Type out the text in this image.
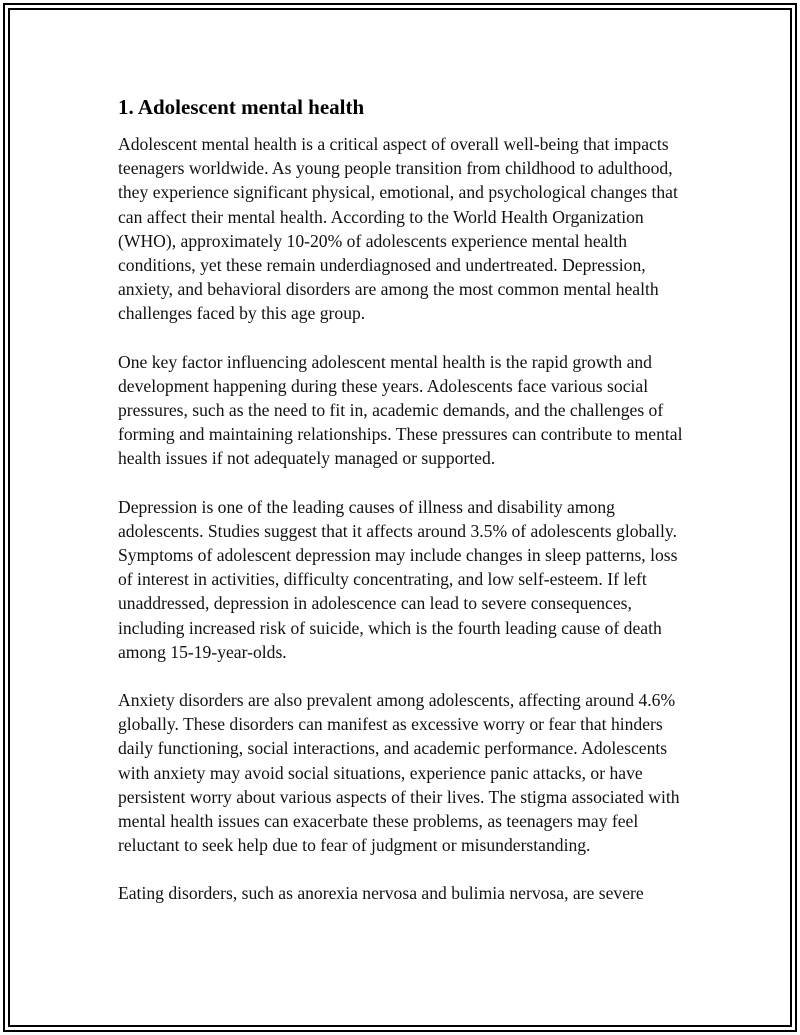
1. Adolescent mental health

Adolescent mental health is a critical aspect of overall well-being that impacts teenagers worldwide. As young people transition from childhood to adulthood, they experience significant physical, emotional, and psychological changes that can affect their mental health. According to the World Health Organization (WHO), approximately 10-20% of adolescents experience mental health conditions, yet these remain underdiagnosed and undertreated. Depression, anxiety, and behavioral disorders are among the most common mental health challenges faced by this age group.

One key factor influencing adolescent mental health is the rapid growth and development happening during these years. Adolescents face various social pressures, such as the need to fit in, academic demands, and the challenges of forming and maintaining relationships. These pressures can contribute to mental health issues if not adequately managed or supported.

Depression is one of the leading causes of illness and disability among adolescents. Studies suggest that it affects around 3.5% of adolescents globally. Symptoms of adolescent depression may include changes in sleep patterns, loss of interest in activities, difficulty concentrating, and low self-esteem. If left unaddressed, depression in adolescence can lead to severe consequences, including increased risk of suicide, which is the fourth leading cause of death among 15-19-year-olds.

Anxiety disorders are also prevalent among adolescents, affecting around 4.6% globally. These disorders can manifest as excessive worry or fear that hinders daily functioning, social interactions, and academic performance. Adolescents with anxiety may avoid social situations, experience panic attacks, or have persistent worry about various aspects of their lives. The stigma associated with mental health issues can exacerbate these problems, as teenagers may feel reluctant to seek help due to fear of judgment or misunderstanding.

Eating disorders, such as anorexia nervosa and bulimia nervosa, are severe
